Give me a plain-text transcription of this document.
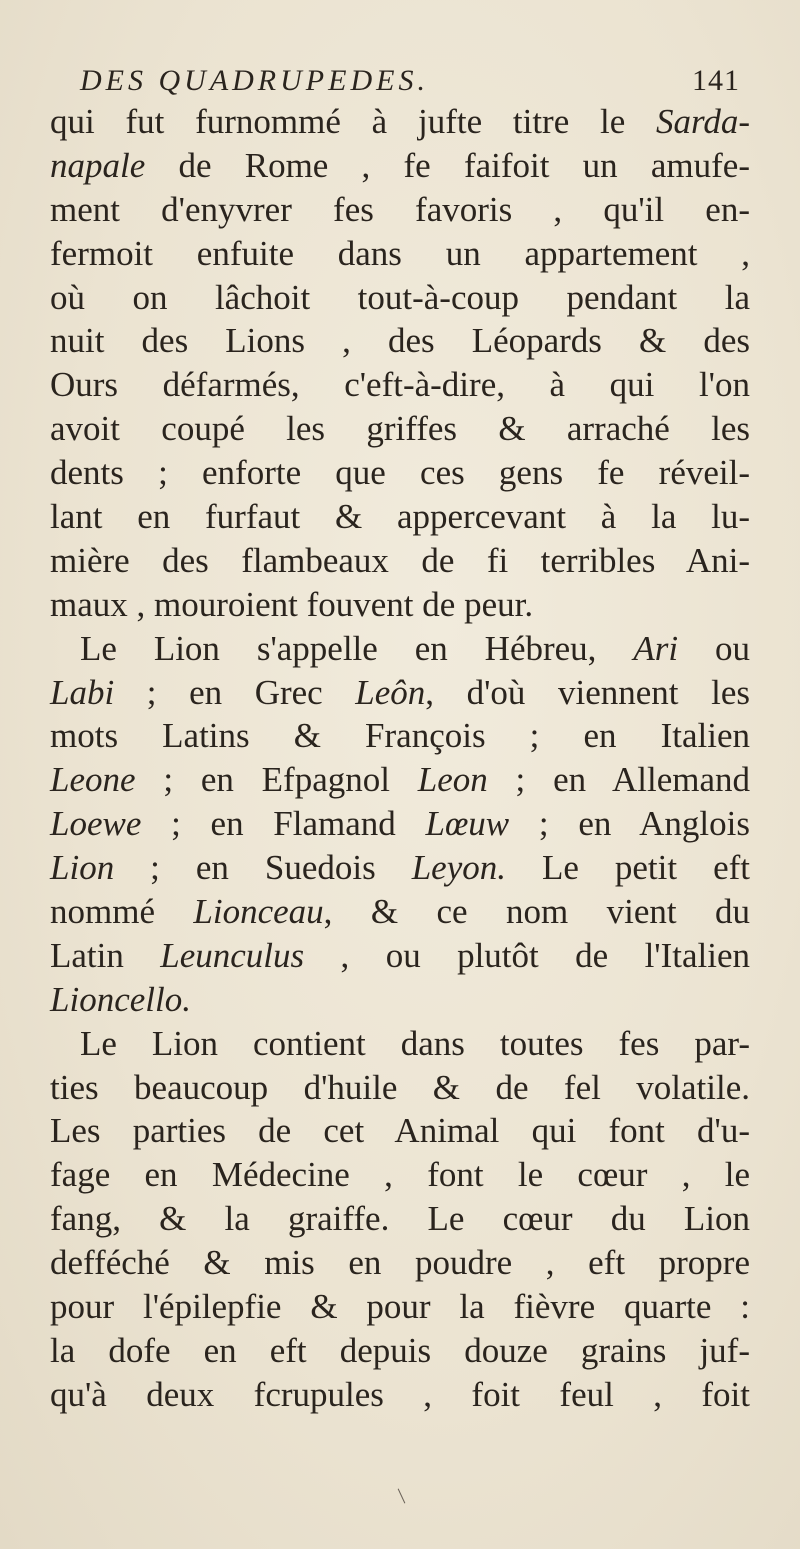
DES QUADRUPEDES.	141
qui fut furnommé à jufte titre le Sarda-
napale de Rome , fe faifoit un amufe-
ment d'enyvrer fes favoris , qu'il en-
fermoit enfuite dans un appartement ,
où on lâchoit tout-à-coup pendant la
nuit des Lions , des Léopards & des
Ours défarmés, c'eft-à-dire, à qui l'on
avoit coupé les griffes & arraché les
dents ; enforte que ces gens fe réveil-
lant en furfaut & appercevant à la lu-
mière des flambeaux de fi terribles Ani-
maux , mouroient fouvent de peur.
Le Lion s'appelle en Hébreu, Ari ou
Labi ; en Grec Leôn, d'où viennent les
mots Latins & François ; en Italien
Leone ; en Efpagnol Leon ; en Allemand
Loewe ; en Flamand Lœuw ; en Anglois
Lion ; en Suedois Leyon. Le petit eft
nommé Lionceau, & ce nom vient du
Latin Leunculus , ou plutôt de l'Italien
Lioncello.
Le Lion contient dans toutes fes par-
ties beaucoup d'huile & de fel volatile.
Les parties de cet Animal qui font d'u-
fage en Médecine , font le cœur , le
fang, & la graiffe. Le cœur du Lion
defféché & mis en poudre , eft propre
pour l'épilepfie & pour la fièvre quarte :
la dofe en eft depuis douze grains juf-
qu'à deux fcrupules , foit feul , foit
